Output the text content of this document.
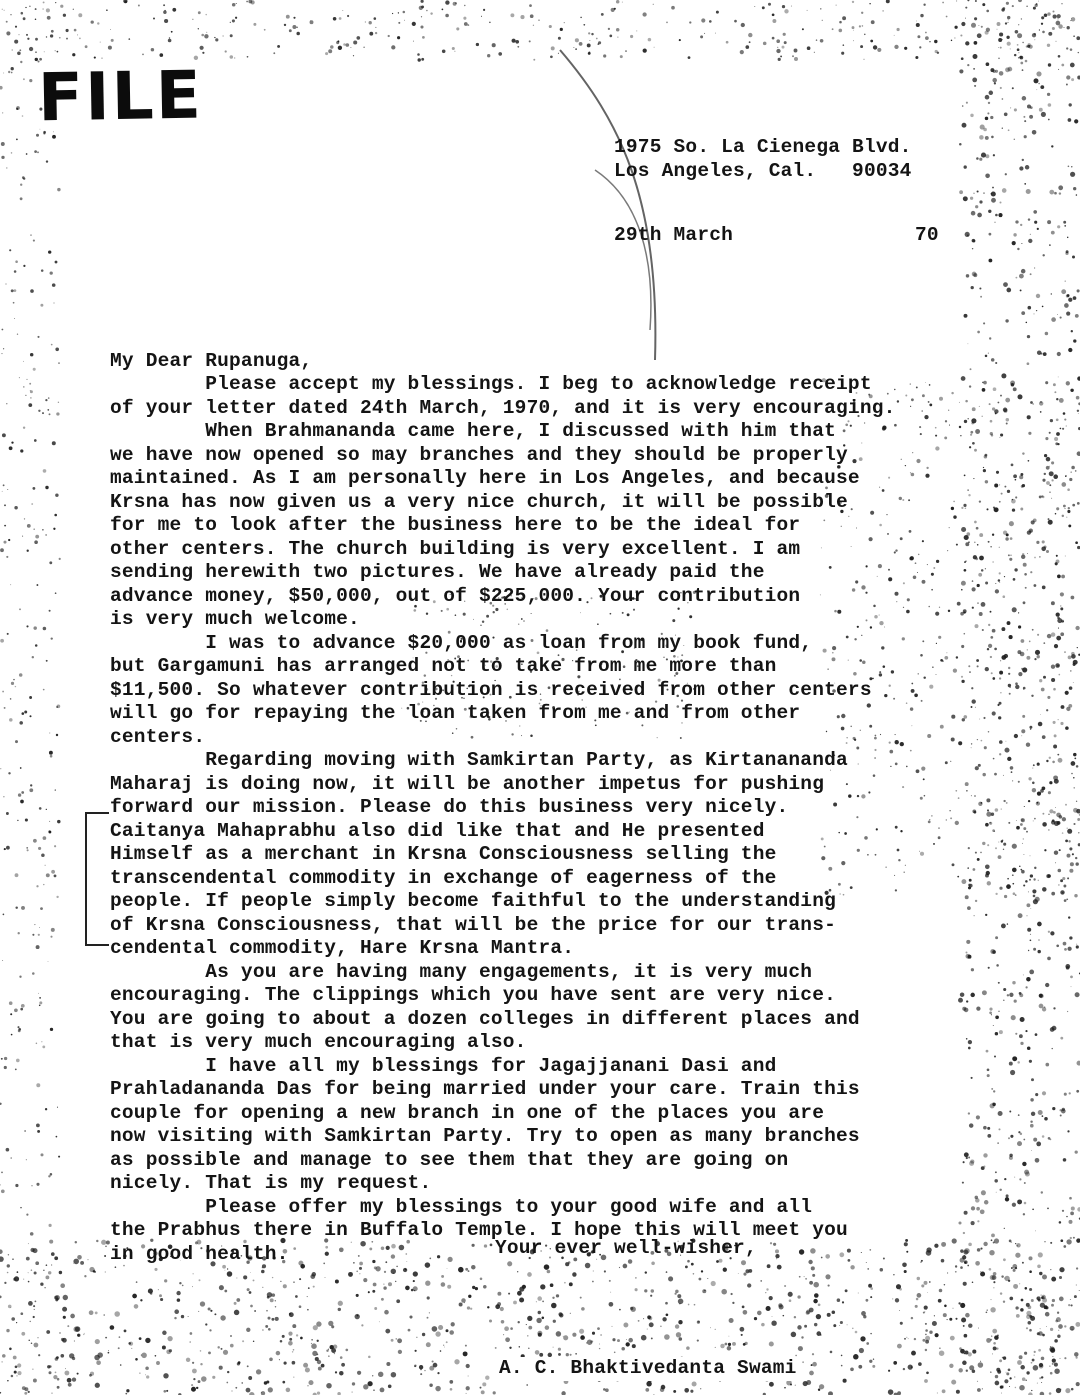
FILE
1975 So. La Cienega Blvd.
Los Angeles, Cal.   90034
29th March	70
My Dear Rupanuga,
Please accept my blessings. I beg to acknowledge receipt
of your letter dated 24th March, 1970, and it is very encouraging.
When Brahmananda came here, I discussed with him that
we have now opened so may branches and they should be properly
maintained. As I am personally here in Los Angeles, and because
Krsna has now given us a very nice church, it will be possible
for me to look after the business here to be the ideal for
other centers. The church building is very excellent. I am
sending herewith two pictures. We have already paid the
advance money, $50,000, out of $225,000. Your contribution
is very much welcome.
I was to advance $20,000 as loan from my book fund,
but Gargamuni has arranged not to take from me more than
$11,500. So whatever contribution is received from other centers
will go for repaying the loan taken from me and from other
centers.
Regarding moving with Samkirtan Party, as Kirtanananda
Maharaj is doing now, it will be another impetus for pushing
forward our mission. Please do this business very nicely.
Caitanya Mahaprabhu also did like that and He presented
Himself as a merchant in Krsna Consciousness selling the
transcendental commodity in exchange of eagerness of the
people. If people simply become faithful to the understanding
of Krsna Consciousness, that will be the price for our trans-
cendental commodity, Hare Krsna Mantra.
As you are having many engagements, it is very much
encouraging. The clippings which you have sent are very nice.
You are going to about a dozen colleges in different places and
that is very much encouraging also.
I have all my blessings for Jagajjanani Dasi and
Prahladananda Das for being married under your care. Train this
couple for opening a new branch in one of the places you are
now visiting with Samkirtan Party. Try to open as many branches
as possible and manage to see them that they are going on
nicely. That is my request.
Please offer my blessings to your good wife and all
the Prabhus there in Buffalo Temple. I hope this will meet you
in good health.	Your ever well-wisher,
A. C. Bhaktivedanta Swami
